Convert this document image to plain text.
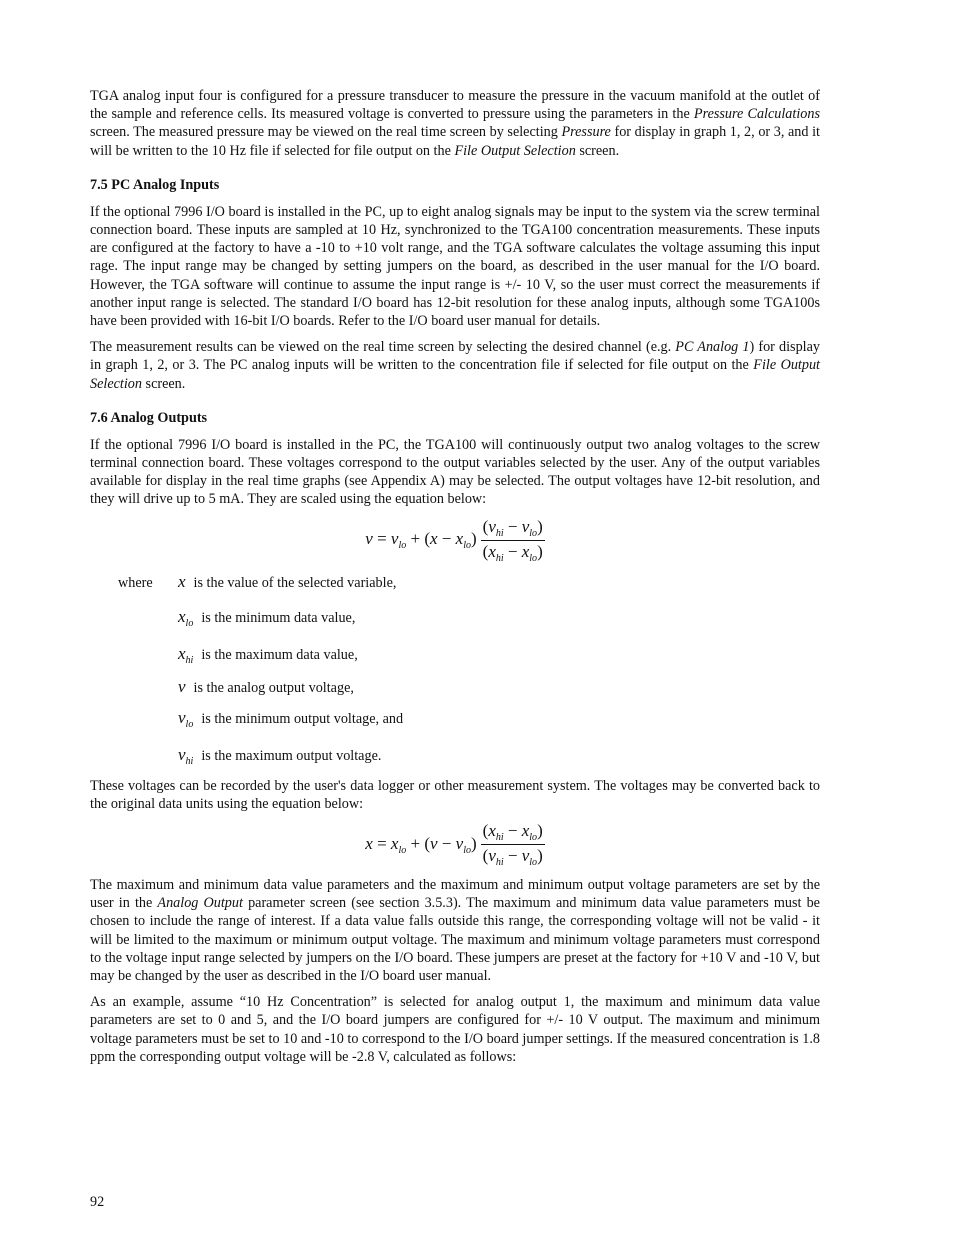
TGA analog input four is configured for a pressure transducer to measure the pressure in the vacuum manifold at the outlet of the sample and reference cells. Its measured voltage is converted to pressure using the parameters in the Pressure Calculations screen. The measured pressure may be viewed on the real time screen by selecting Pressure for display in graph 1, 2, or 3, and it will be written to the 10 Hz file if selected for file output on the File Output Selection screen.

7.5 PC Analog Inputs

If the optional 7996 I/O board is installed in the PC, up to eight analog signals may be input to the system via the screw terminal connection board. These inputs are sampled at 10 Hz, synchronized to the TGA100 concentration measurements. These inputs are configured at the factory to have a -10 to +10 volt range, and the TGA software calculates the voltage assuming this input rage. The input range may be changed by setting jumpers on the board, as described in the user manual for the I/O board. However, the TGA software will continue to assume the input range is +/- 10 V, so the user must correct the measurements if another input range is selected. The standard I/O board has 12-bit resolution for these analog inputs, although some TGA100s have been provided with 16-bit I/O boards. Refer to the I/O board user manual for details.

The measurement results can be viewed on the real time screen by selecting the desired channel (e.g. PC Analog 1) for display in graph 1, 2, or 3. The PC analog inputs will be written to the concentration file if selected for file output on the File Output Selection screen.

7.6 Analog Outputs

If the optional 7996 I/O board is installed in the PC, the TGA100 will continuously output two analog voltages to the screw terminal connection board. These voltages correspond to the output variables selected by the user. Any of the output variables available for display in the real time graphs (see Appendix A) may be selected. The output voltages have 12-bit resolution, and they will drive up to 5 mA. They are scaled using the equation below:

$v = v_{lo} + (x - x_{lo}) \frac{(v_{hi} - v_{lo})}{(x_{hi} - x_{lo})}$
where	x is the value of the selected variable,
$x_{lo}$ is the minimum data value,
$x_{hi}$ is the maximum data value,
v is the analog output voltage,
$v_{lo}$ is the minimum output voltage, and
$v_{hi}$ is the maximum output voltage.

These voltages can be recorded by the user's data logger or other measurement system. The voltages may be converted back to the original data units using the equation below:

$x = x_{lo} + (v - v_{lo}) \frac{(x_{hi} - x_{lo})}{(v_{hi} - v_{lo})}$

The maximum and minimum data value parameters and the maximum and minimum output voltage parameters are set by the user in the Analog Output parameter screen (see section 3.5.3). The maximum and minimum data value parameters must be chosen to include the range of interest. If a data value falls outside this range, the corresponding voltage will not be valid - it will be limited to the maximum or minimum output voltage. The maximum and minimum voltage parameters must correspond to the voltage input range selected by jumpers on the I/O board. These jumpers are preset at the factory for +10 V and -10 V, but may be changed by the user as described in the I/O board user manual.

As an example, assume “10 Hz Concentration” is selected for analog output 1, the maximum and minimum data value parameters are set to 0 and 5, and the I/O board jumpers are configured for +/- 10 V output. The maximum and minimum voltage parameters must be set to 10 and -10 to correspond to the I/O board jumper settings. If the measured concentration is 1.8 ppm the corresponding output voltage will be -2.8 V, calculated as follows:

92
